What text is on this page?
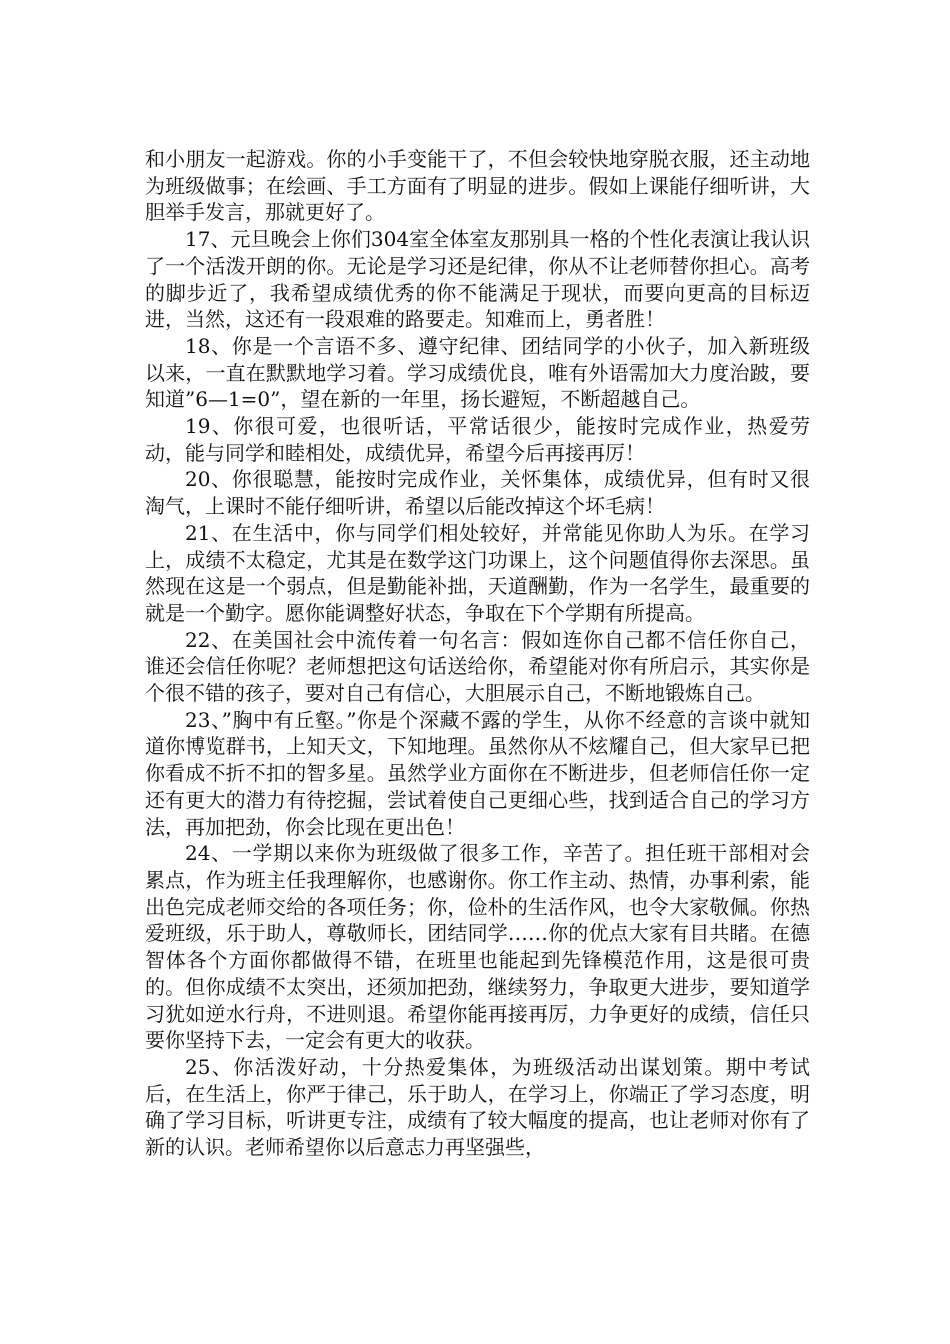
和小朋友一起游戏。你的小手变能干了，不但会较快地穿脱衣服，还主动地为班级做事；在绘画、手工方面有了明显的进步。假如上课能仔细听讲，大胆举手发言，那就更好了。

17、元旦晚会上你们304室全体室友那别具一格的个性化表演让我认识了一个活泼开朗的你。无论是学习还是纪律，你从不让老师替你担心。高考的脚步近了，我希望成绩优秀的你不能满足于现状，而要向更高的目标迈进，当然，这还有一段艰难的路要走。知难而上，勇者胜！

18、你是一个言语不多、遵守纪律、团结同学的小伙子，加入新班级以来，一直在默默地学习着。学习成绩优良，唯有外语需加大力度治跛，要知道”6—1=0”，望在新的一年里，扬长避短，不断超越自己。

19、你很可爱，也很听话，平常话很少，能按时完成作业，热爱劳动，能与同学和睦相处，成绩优异，希望今后再接再厉！

20、你很聪慧，能按时完成作业，关怀集体，成绩优异，但有时又很淘气，上课时不能仔细听讲，希望以后能改掉这个坏毛病！

21、在生活中，你与同学们相处较好，并常能见你助人为乐。在学习上，成绩不太稳定，尤其是在数学这门功课上，这个问题值得你去深思。虽然现在这是一个弱点，但是勤能补拙，天道酬勤，作为一名学生，最重要的就是一个勤字。愿你能调整好状态，争取在下个学期有所提高。

22、在美国社会中流传着一句名言：假如连你自己都不信任你自己，谁还会信任你呢？老师想把这句话送给你，希望能对你有所启示，其实你是个很不错的孩子，要对自己有信心，大胆展示自己，不断地锻炼自己。

23、”胸中有丘壑。”你是个深藏不露的学生，从你不经意的言谈中就知道你博览群书，上知天文，下知地理。虽然你从不炫耀自己，但大家早已把你看成不折不扣的智多星。虽然学业方面你在不断进步，但老师信任你一定还有更大的潜力有待挖掘，尝试着使自己更细心些，找到适合自己的学习方法，再加把劲，你会比现在更出色！

24、一学期以来你为班级做了很多工作，辛苦了。担任班干部相对会累点，作为班主任我理解你，也感谢你。你工作主动、热情，办事利索，能出色完成老师交给的各项任务；你，俭朴的生活作风，也令大家敬佩。你热爱班级，乐于助人，尊敬师长，团结同学……你的优点大家有目共睹。在德智体各个方面你都做得不错，在班里也能起到先锋模范作用，这是很可贵的。但你成绩不太突出，还须加把劲，继续努力，争取更大进步，要知道学习犹如逆水行舟，不进则退。希望你能再接再厉，力争更好的成绩，信任只要你坚持下去，一定会有更大的收获。

25、你活泼好动，十分热爱集体，为班级活动出谋划策。期中考试后，在生活上，你严于律己，乐于助人，在学习上，你端正了学习态度，明确了学习目标，听讲更专注，成绩有了较大幅度的提高，也让老师对你有了新的认识。老师希望你以后意志力再坚强些，
